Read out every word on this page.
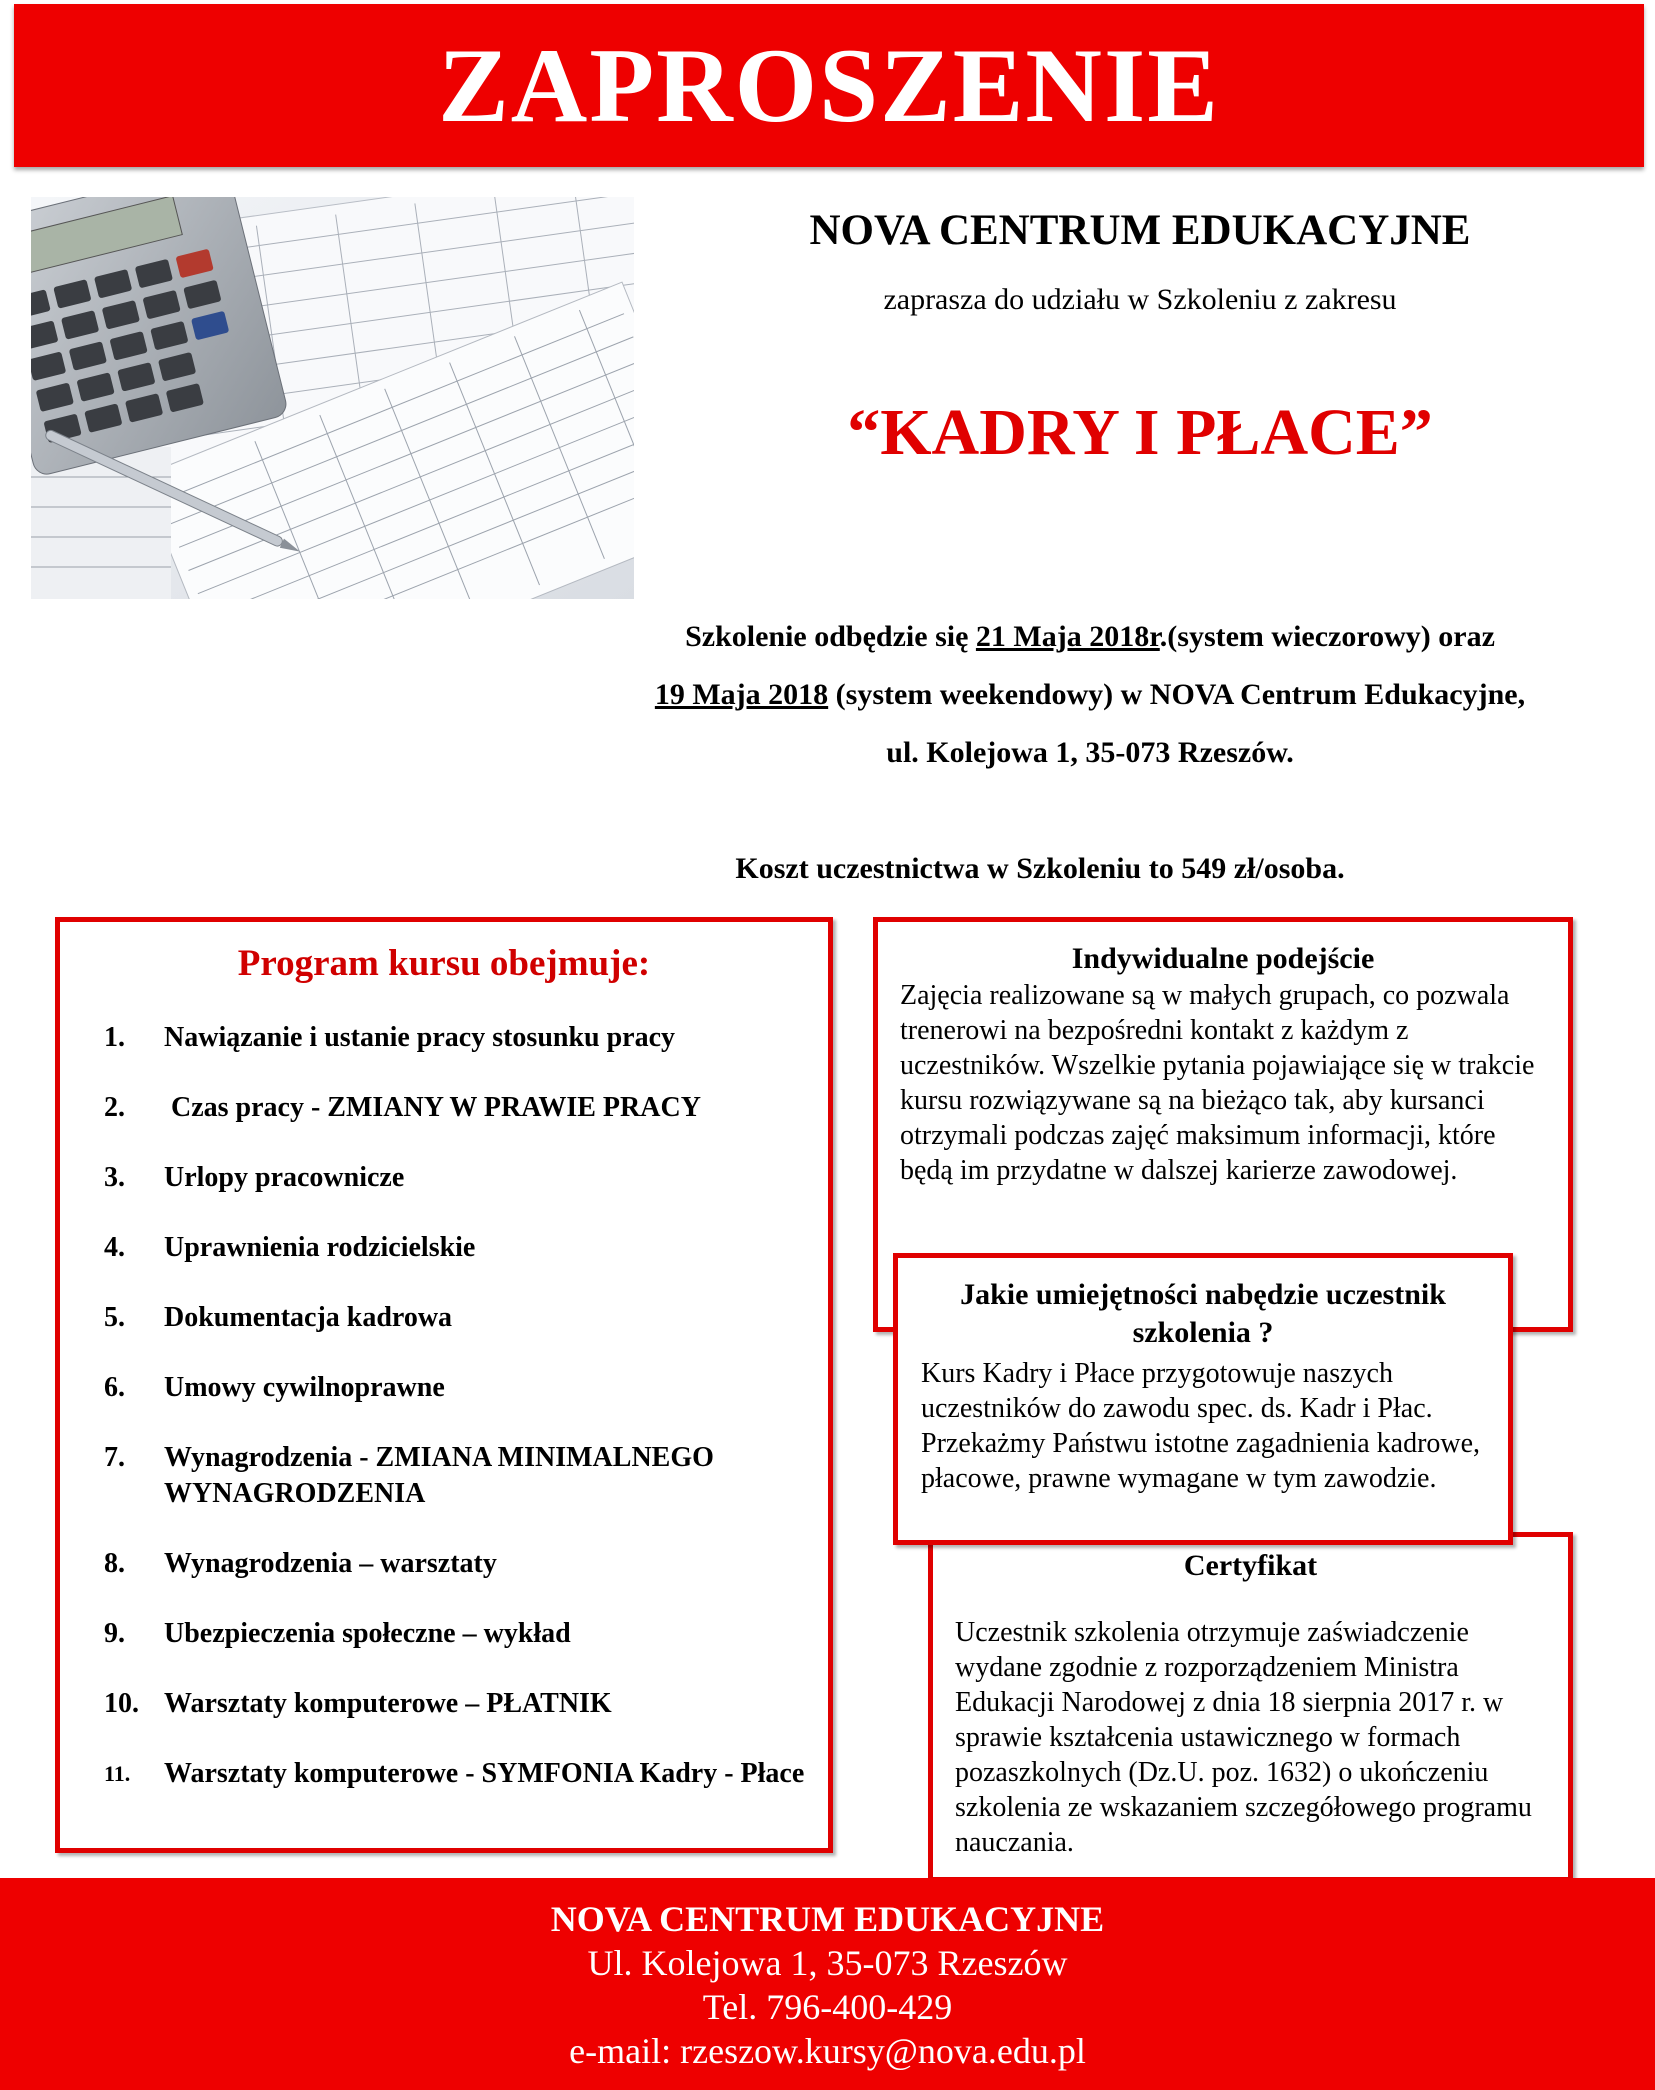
ZAPROSZENIE
NOVA CENTRUM EDUKACYJNE
zaprasza do udziału w Szkoleniu z zakresu
“KADRY I PŁACE”
Szkolenie odbędzie się 21 Maja 2018r.(system wieczorowy) oraz
19 Maja 2018 (system weekendowy) w NOVA Centrum Edukacyjne,
ul. Kolejowa 1, 35-073 Rzeszów.
Koszt uczestnictwa w Szkoleniu to 549 zł/osoba.
Program kursu obejmuje:
1.	Nawiązanie i ustanie pracy stosunku pracy
2.	Czas pracy - ZMIANY W PRAWIE PRACY
3.	Urlopy pracownicze
4.	Uprawnienia rodzicielskie
5.	Dokumentacja kadrowa
6.	Umowy cywilnoprawne
7.	Wynagrodzenia - ZMIANA MINIMALNEGO WYNAGRODZENIA
8.	Wynagrodzenia – warsztaty
9.	Ubezpieczenia społeczne – wykład
10. Warsztaty komputerowe – PŁATNIK
11.	Warsztaty komputerowe - SYMFONIA Kadry - Płace
Indywidualne podejście
Zajęcia realizowane są w małych grupach, co pozwala trenerowi na bezpośredni kontakt z każdym z uczestników. Wszelkie pytania pojawiające się w trakcie kursu rozwiązywane są na bieżąco tak, aby kursanci otrzymali podczas zajęć maksimum informacji, które będą im przydatne w dalszej karierze zawodowej.
Certyfikat
Uczestnik szkolenia otrzymuje zaświadczenie wydane zgodnie z rozporządzeniem Ministra Edukacji Narodowej z dnia 18 sierpnia 2017 r. w sprawie kształcenia ustawicznego w formach pozaszkolnych (Dz.U. poz. 1632) o ukończeniu szkolenia ze wskazaniem szczegółowego programu nauczania.
Jakie umiejętności nabędzie uczestnik szkolenia ?
Kurs Kadry i Płace przygotowuje naszych uczestników do zawodu spec. ds. Kadr i Płac. Przekażmy Państwu istotne zagadnienia kadrowe, płacowe, prawne wymagane w tym zawodzie.
NOVA CENTRUM EDUKACYJNE
Ul. Kolejowa 1, 35-073 Rzeszów
Tel. 796-400-429
e-mail: rzeszow.kursy@nova.edu.pl
